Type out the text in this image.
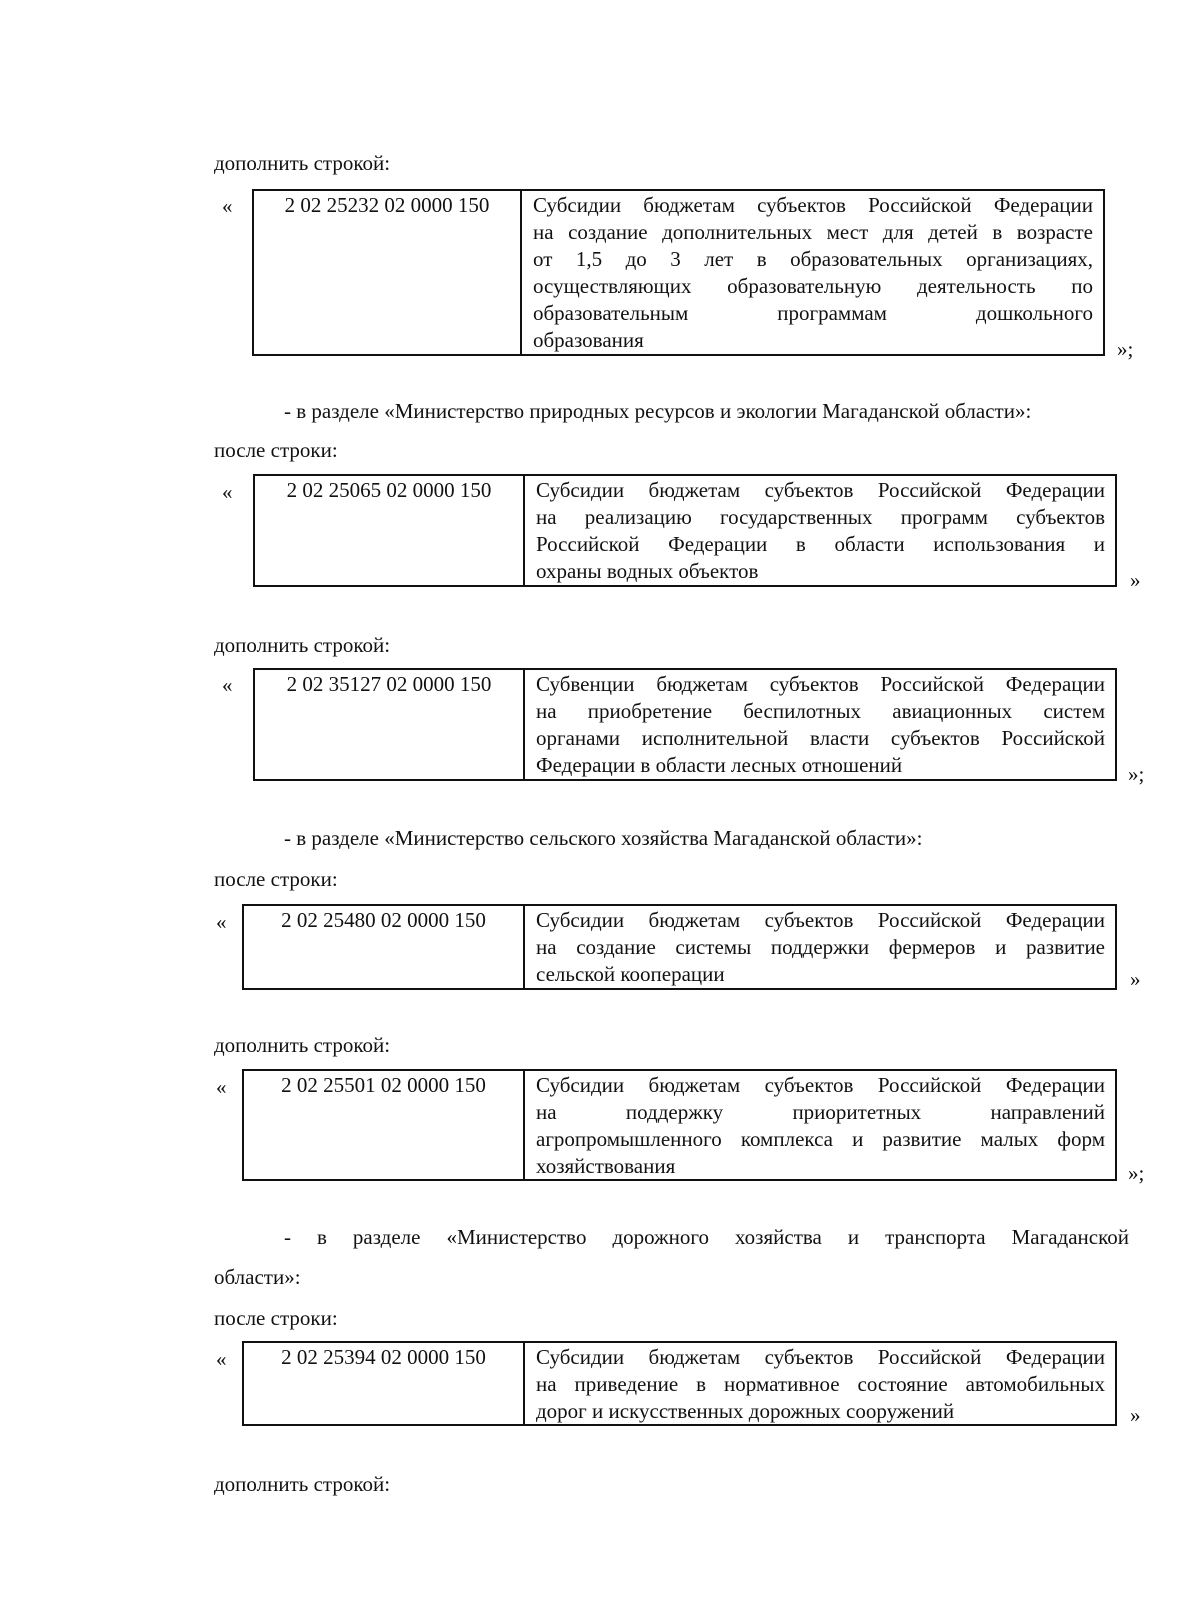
дополнить строкой:
«	2 02 25232 02 0000 150	Субсидии бюджетам субъектов Российской Федерации
на создание дополнительных мест для детей в возрасте
от 1,5 до 3 лет в образовательных организациях,
осуществляющих образовательную деятельность по
образовательным программам дошкольного
образования	»;
- в разделе «Министерство природных ресурсов и экологии Магаданской области»:
после строки:
«	2 02 25065 02 0000 150	Субсидии бюджетам субъектов Российской Федерации
на реализацию государственных программ субъектов
Российской Федерации в области использования и
охраны водных объектов	»
дополнить строкой:
«	2 02 35127 02 0000 150	Субвенции бюджетам субъектов Российской Федерации
на приобретение беспилотных авиационных систем
органами исполнительной власти субъектов Российской
Федерации в области лесных отношений	»;
- в разделе «Министерство сельского хозяйства Магаданской области»:
после строки:
«	2 02 25480 02 0000 150	Субсидии бюджетам субъектов Российской Федерации
на создание системы поддержки фермеров и развитие
сельской кооперации	»
дополнить строкой:
«	2 02 25501 02 0000 150	Субсидии бюджетам субъектов Российской Федерации
на поддержку приоритетных направлений
агропромышленного комплекса и развитие малых форм
хозяйствования	»;
- в разделе «Министерство дорожного хозяйства и транспорта Магаданской
области»:
после строки:
«	2 02 25394 02 0000 150	Субсидии бюджетам субъектов Российской Федерации
на приведение в нормативное состояние автомобильных
дорог и искусственных дорожных сооружений	»
дополнить строкой:
